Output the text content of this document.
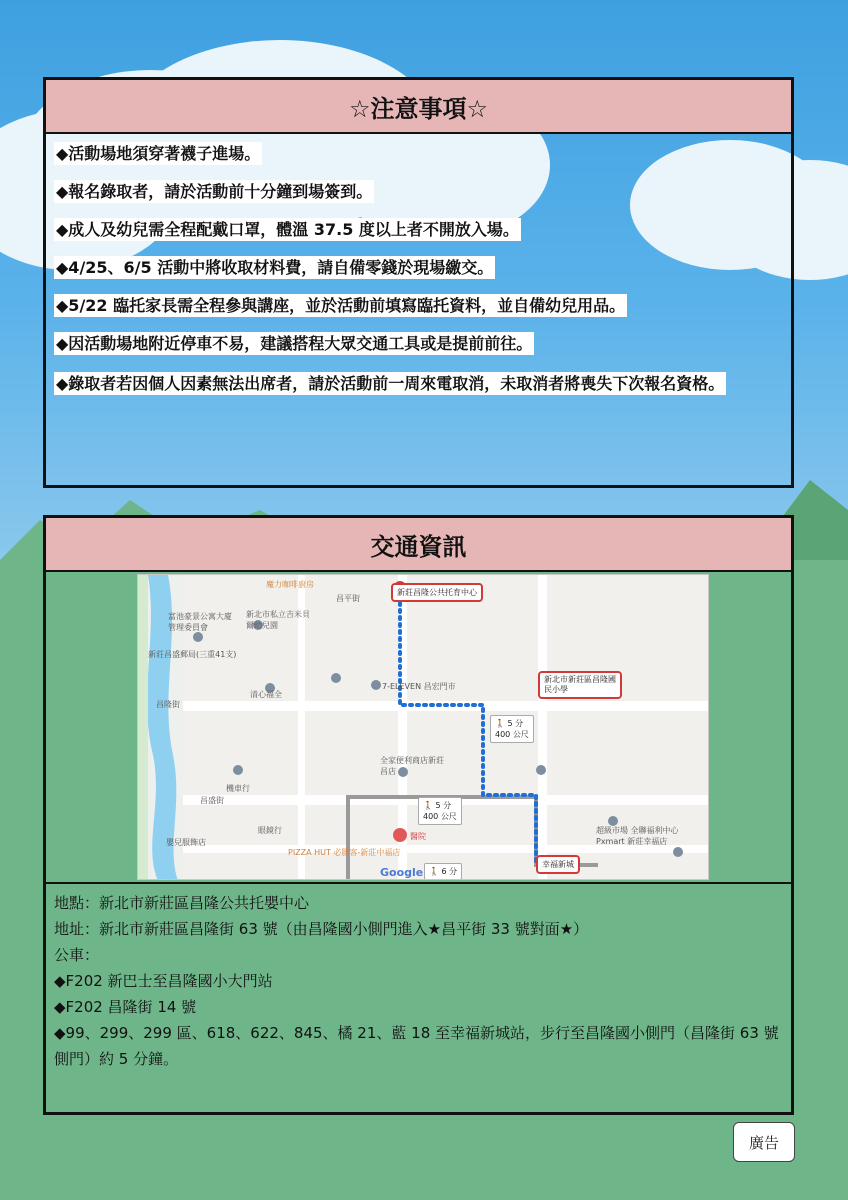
☆注意事項☆
◆活動場地須穿著襪子進場。
◆報名錄取者，請於活動前十分鐘到場簽到。
◆成人及幼兒需全程配戴口罩，體溫 37.5 度以上者不開放入場。
◆4/25、6/5 活動中將收取材料費，請自備零錢於現場繳交。
◆5/22 臨托家長需全程參與講座，並於活動前填寫臨托資料，並自備幼兒用品。
◆因活動場地附近停車不易，建議搭程大眾交通工具或是提前前往。
◆錄取者若因個人因素無法出席者，請於活動前一周來電取消，未取消者將喪失下次報名資格。
交通資訊
新莊昌隆公共托育中心
新北市新莊區昌隆國民小學
幸福新城
🚶 5 分
400 公尺
🚶 5 分
400 公尺
🚶 6 分
Google
魔力咖啡廚房
新北市私立吉米貝爾幼兒園
富池豪景公寓大廈管理委員會
新莊昌盛郵局(三重41支)
7-ELEVEN 昌宏門市
全家便利商店新莊昌店
PIZZA HUT 必勝客-新莊中福店
醫院
超級市場 全聯福利中心 Pxmart 新莊幸福店
昌隆街
昌盛街
昌平街
清心福全
機車行
眼鏡行
嬰兒服飾店
地點：新北市新莊區昌隆公共托嬰中心
地址：新北市新莊區昌隆街 63 號（由昌隆國小側門進入★昌平街 33 號對面★）
公車：
◆F202 新巴士至昌隆國小大門站
◆F202 昌隆街 14 號
◆99、299、299 區、618、622、845、橘 21、藍 18 至幸福新城站，步行至昌隆國小側門（昌隆街 63 號側門）約 5 分鐘。
廣告
